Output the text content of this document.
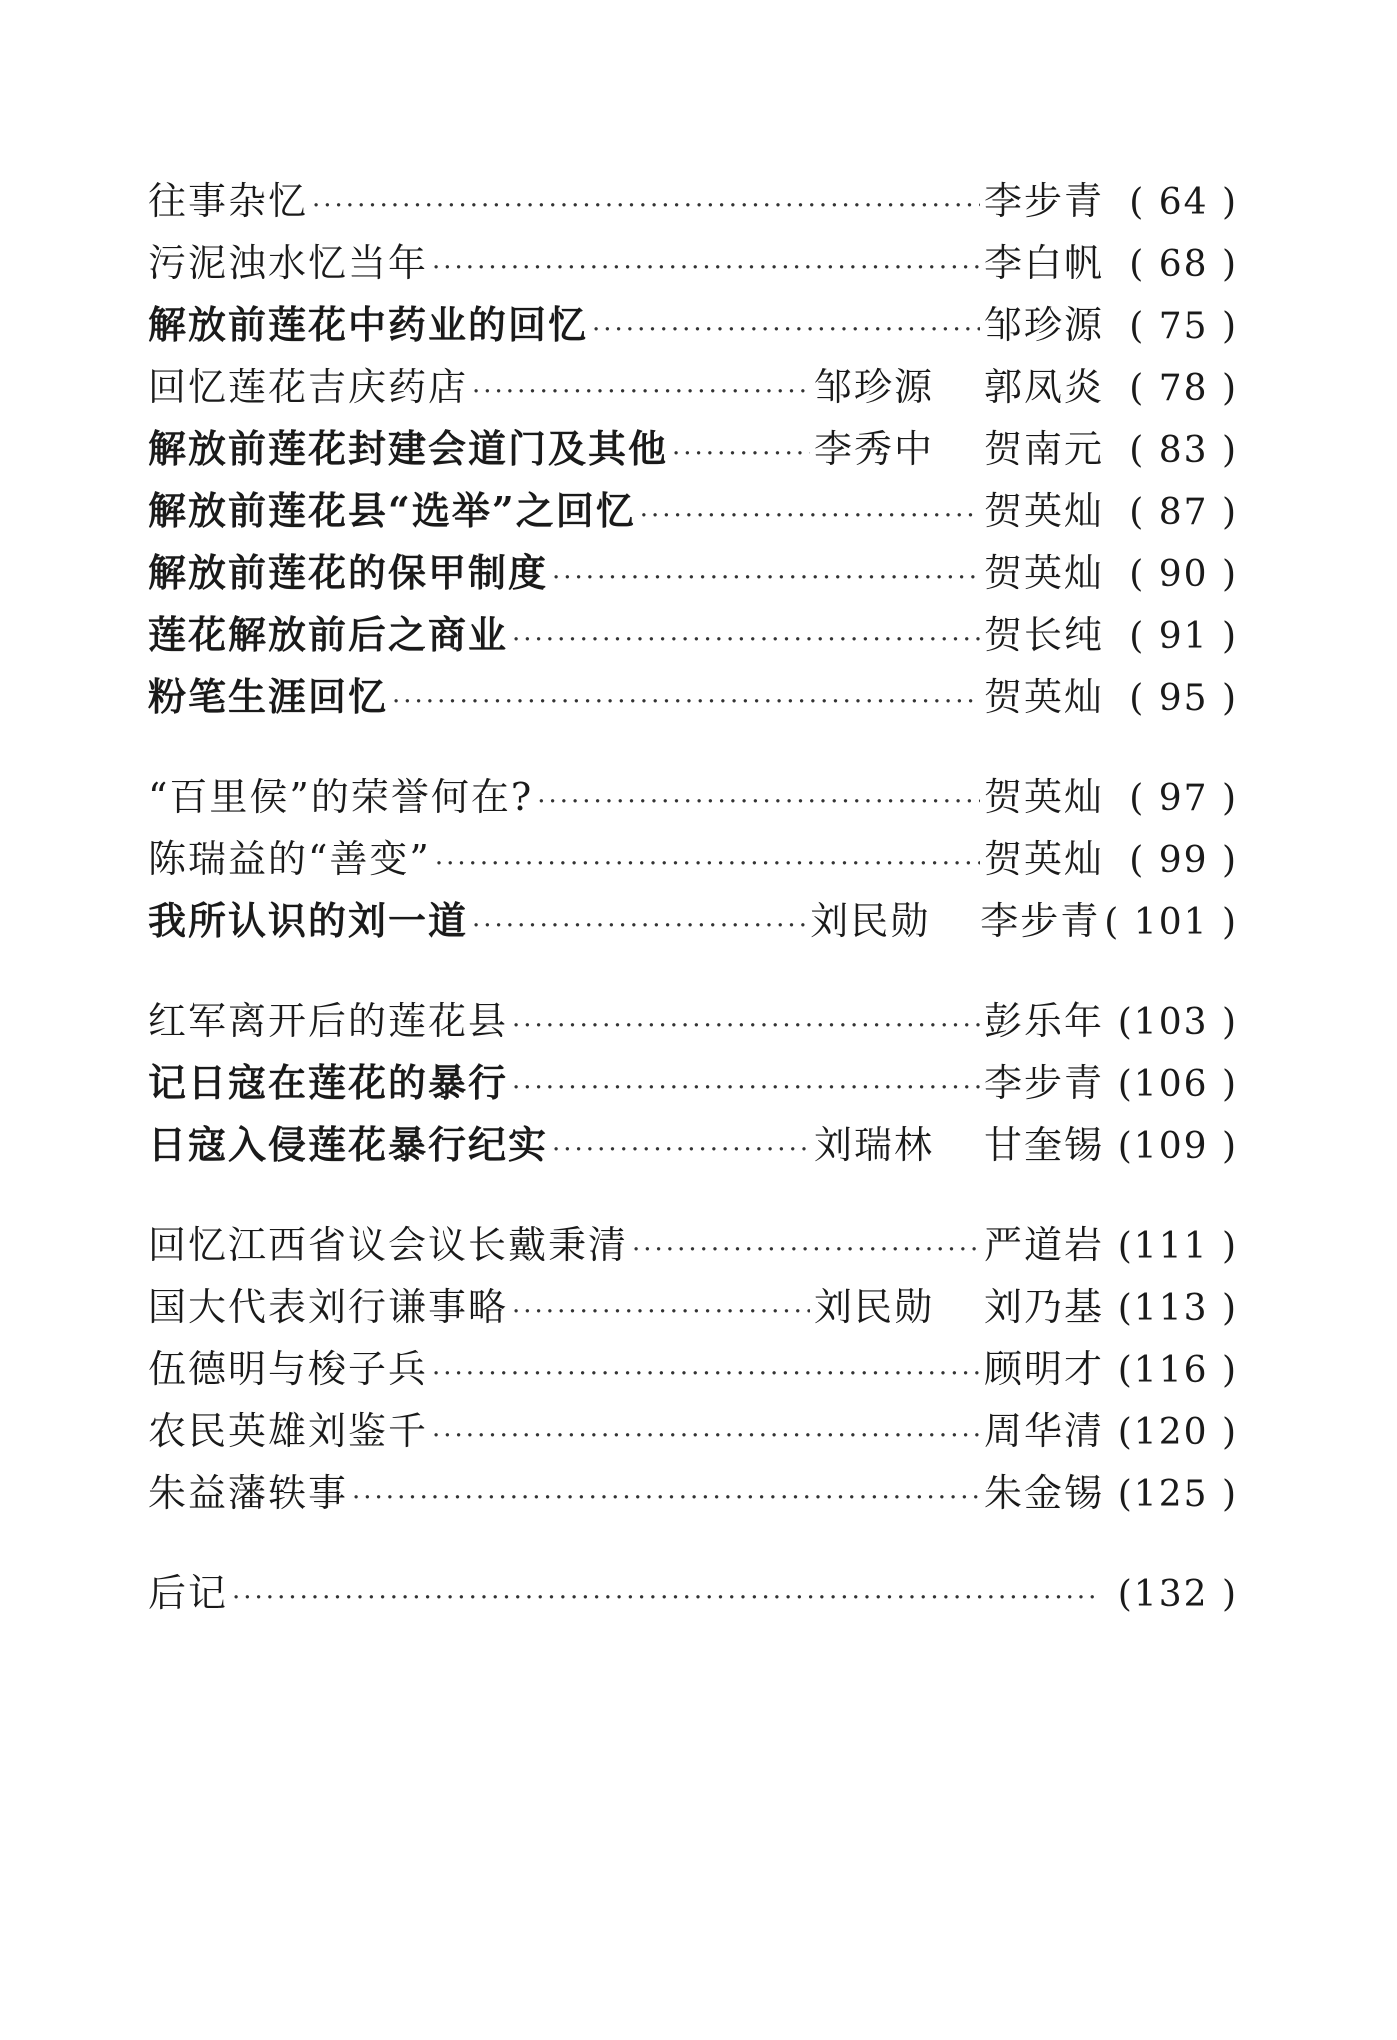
往事杂忆 ·····	李步青 ( 64 )
污泥浊水忆当年 ·····	李白帆 ( 68 )
解放前莲花中药业的回忆 ·····	邹珍源 ( 75 )
回忆莲花吉庆药店 ·····	邹珍源 郭凤炎 ( 78 )
解放前莲花封建会道门及其他 ·····	李秀中 贺南元 ( 83 )
解放前莲花县“选举”之回忆 ·····	贺英灿 ( 87 )
解放前莲花的保甲制度 ·····	贺英灿 ( 90 )
莲花解放前后之商业 ·····	贺长纯 ( 91 )
粉笔生涯回忆 ·····	贺英灿 ( 95 )
“百里侯”的荣誉何在? ·····	贺英灿 ( 97 )
陈瑞益的“善变” ·····	贺英灿 ( 99 )
我所认识的刘一道 ·····	刘民勋 李步青 ( 101 )
红军离开后的莲花县 ·····	彭乐年 (103 )
记日寇在莲花的暴行 ·····	李步青 (106 )
日寇入侵莲花暴行纪实 ·····	刘瑞林 甘奎锡 (109 )
回忆江西省议会议长戴秉清 ·····	严道岩 (111 )
国大代表刘行谦事略 ·····	刘民勋 刘乃基 (113 )
伍德明与梭子兵 ·····	顾明才 (116 )
农民英雄刘鉴千 ·····	周华清 (120 )
朱益藩轶事 ·····	朱金锡 (125 )
后记 ·····	(132 )
